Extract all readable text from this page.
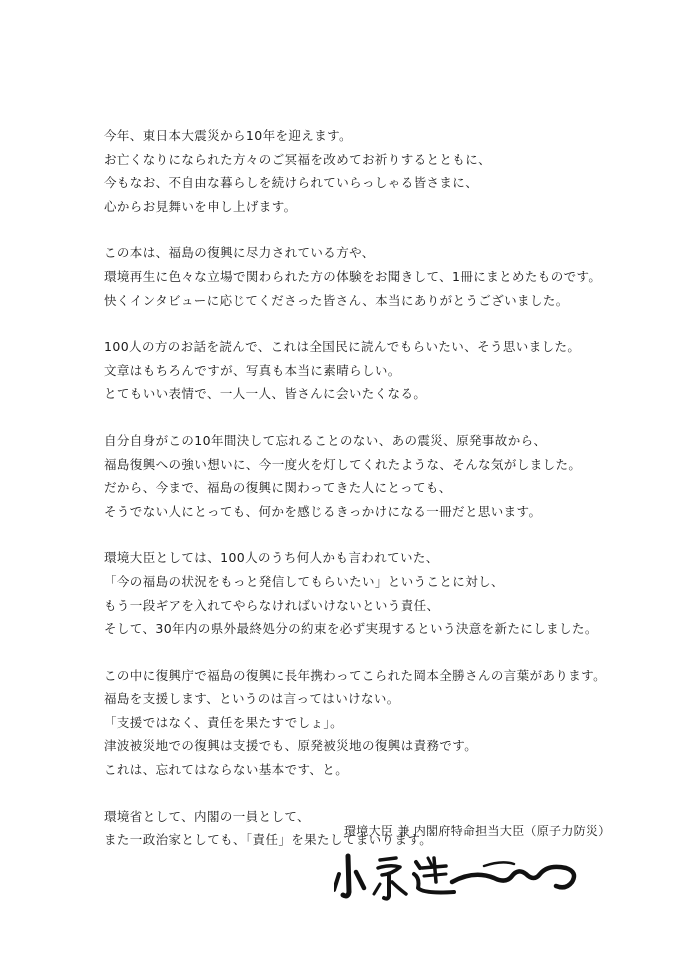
今年、東日本大震災から10年を迎えます。
お亡くなりになられた方々のご冥福を改めてお祈りするとともに、
今もなお、不自由な暮らしを続けられていらっしゃる皆さまに、
心からお見舞いを申し上げます。
この本は、福島の復興に尽力されている方や、
環境再生に色々な立場で関わられた方の体験をお聞きして、1冊にまとめたものです。
快くインタビューに応じてくださった皆さん、本当にありがとうございました。
100人の方のお話を読んで、これは全国民に読んでもらいたい、そう思いました。
文章はもちろんですが、写真も本当に素晴らしい。
とてもいい表情で、一人一人、皆さんに会いたくなる。
自分自身がこの10年間決して忘れることのない、あの震災、原発事故から、
福島復興への強い想いに、今一度火を灯してくれたような、そんな気がしました。
だから、今まで、福島の復興に関わってきた人にとっても、
そうでない人にとっても、何かを感じるきっかけになる一冊だと思います。
環境大臣としては、100人のうち何人かも言われていた、
「今の福島の状況をもっと発信してもらいたい」ということに対し、
もう一段ギアを入れてやらなければいけないという責任、
そして、30年内の県外最終処分の約束を必ず実現するという決意を新たにしました。
この中に復興庁で福島の復興に長年携わってこられた岡本全勝さんの言葉があります。
福島を支援します、というのは言ってはいけない。
「支援ではなく、責任を果たすでしょ」。
津波被災地での復興は支援でも、原発被災地の復興は責務です。
これは、忘れてはならない基本です、と。
環境省として、内閣の一員として、
また一政治家としても、「責任」を果たしてまいります。
環境大臣 兼 内閣府特命担当大臣（原子力防災）
